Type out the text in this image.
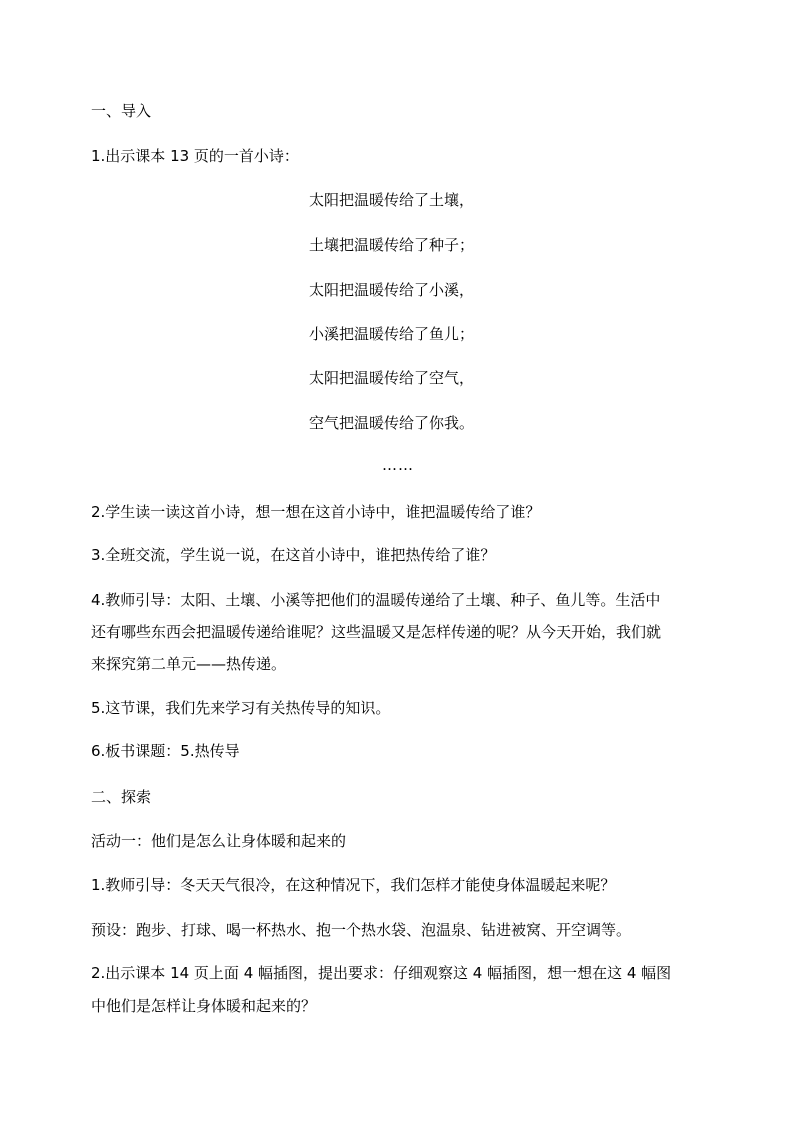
一、导入
1.出示课本 13 页的一首小诗：
太阳把温暖传给了土壤，
土壤把温暖传给了种子；
太阳把温暖传给了小溪，
小溪把温暖传给了鱼儿；
太阳把温暖传给了空气，
空气把温暖传给了你我。
……
2.学生读一读这首小诗，想一想在这首小诗中，谁把温暖传给了谁？
3.全班交流，学生说一说，在这首小诗中，谁把热传给了谁？
4.教师引导：太阳、土壤、小溪等把他们的温暖传递给了土壤、种子、鱼儿等。生活中
还有哪些东西会把温暖传递给谁呢？这些温暖又是怎样传递的呢？从今天开始，我们就
来探究第二单元——热传递。
5.这节课，我们先来学习有关热传导的知识。
6.板书课题：5.热传导
二、探索
活动一：他们是怎么让身体暖和起来的
1.教师引导：冬天天气很冷，在这种情况下，我们怎样才能使身体温暖起来呢？
预设：跑步、打球、喝一杯热水、抱一个热水袋、泡温泉、钻进被窝、开空调等。
2.出示课本 14 页上面 4 幅插图，提出要求：仔细观察这 4 幅插图，想一想在这 4 幅图
中他们是怎样让身体暖和起来的？
